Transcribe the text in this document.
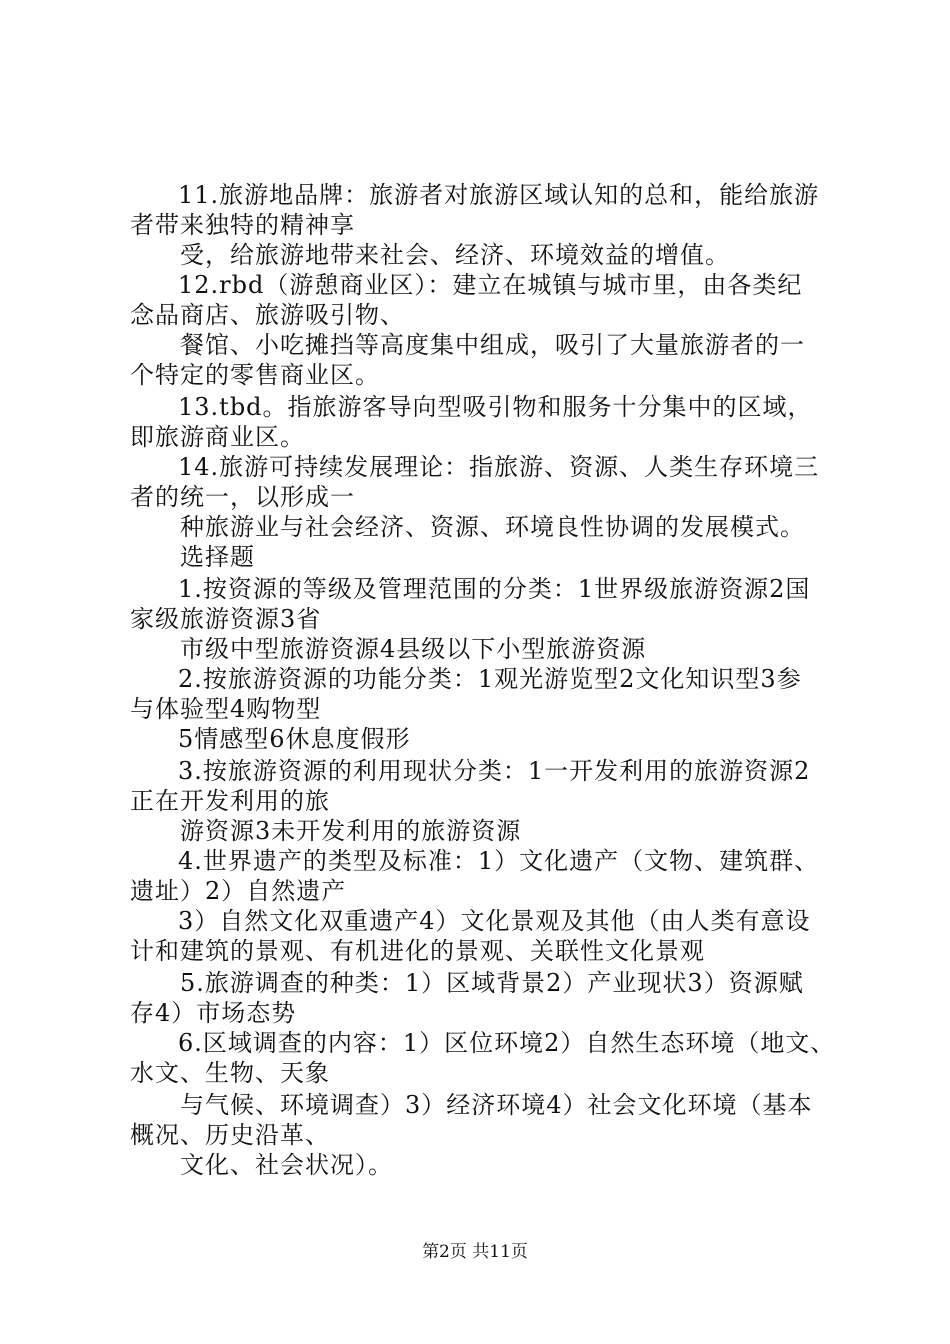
11.旅游地品牌：旅游者对旅游区域认知的总和，能给旅游
者带来独特的精神享
受，给旅游地带来社会、经济、环境效益的增值。
12.rbd（游憩商业区）：建立在城镇与城市里，由各类纪
念品商店、旅游吸引物、
餐馆、小吃摊挡等高度集中组成，吸引了大量旅游者的一
个特定的零售商业区。
13.tbd。指旅游客导向型吸引物和服务十分集中的区域，
即旅游商业区。
14.旅游可持续发展理论：指旅游、资源、人类生存环境三
者的统一，以形成一
种旅游业与社会经济、资源、环境良性协调的发展模式。
选择题
1.按资源的等级及管理范围的分类：1世界级旅游资源2国
家级旅游资源3省
市级中型旅游资源4县级以下小型旅游资源
2.按旅游资源的功能分类：1观光游览型2文化知识型3参
与体验型4购物型
5情感型6休息度假形
3.按旅游资源的利用现状分类：1一开发利用的旅游资源2
正在开发利用的旅
游资源3未开发利用的旅游资源
4.世界遗产的类型及标准：1）文化遗产（文物、建筑群、
遗址）2）自然遗产
3）自然文化双重遗产4）文化景观及其他（由人类有意设
计和建筑的景观、有机进化的景观、关联性文化景观
5.旅游调查的种类：1）区域背景2）产业现状3）资源赋
存4）市场态势
6.区域调查的内容：1）区位环境2）自然生态环境（地文、
水文、生物、天象
与气候、环境调查）3）经济环境4）社会文化环境（基本
概况、历史沿革、
文化、社会状况）。
第2页 共11页
